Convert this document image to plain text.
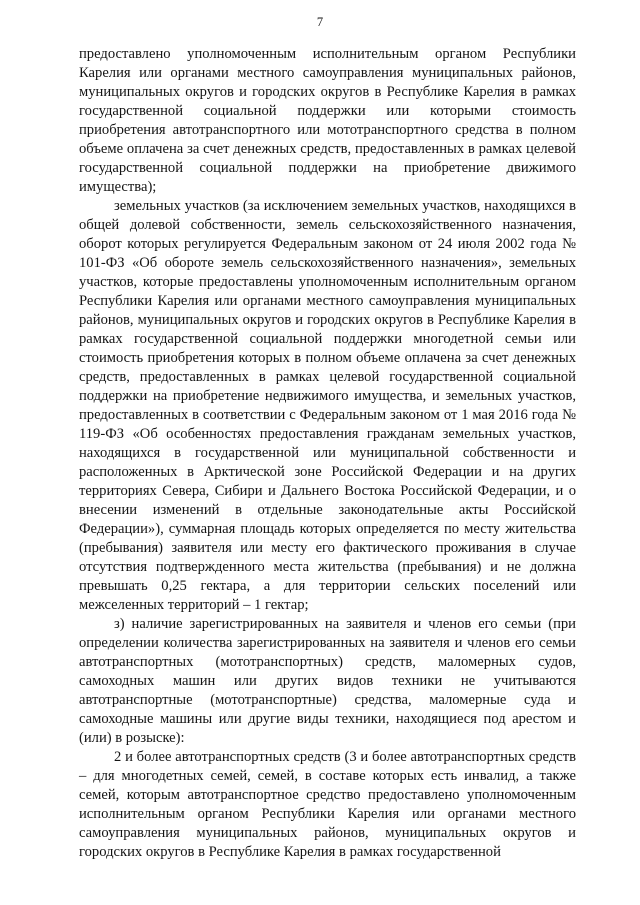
7

предоставлено уполномоченным исполнительным органом Республики Карелия или органами местного самоуправления муниципальных районов, муниципальных округов и городских округов в Республике Карелия в рамках государственной социальной поддержки или которыми стоимость приобретения автотранспортного или мототранспортного средства в полном объеме оплачена за счет денежных средств, предоставленных в рамках целевой государственной социальной поддержки на приобретение движимого имущества);

земельных участков (за исключением земельных участков, находящихся в общей долевой собственности, земель сельскохозяйственного назначения, оборот которых регулируется Федеральным законом от 24 июля 2002 года № 101-ФЗ «Об обороте земель сельскохозяйственного назначения», земельных участков, которые предоставлены уполномоченным исполнительным органом Республики Карелия или органами местного самоуправления муниципальных районов, муниципальных округов и городских округов в Республике Карелия в рамках государственной социальной поддержки многодетной семьи или стоимость приобретения которых в полном объеме оплачена за счет денежных средств, предоставленных в рамках целевой государственной социальной поддержки на приобретение недвижимого имущества, и земельных участков, предоставленных в соответствии с Федеральным законом от 1 мая 2016 года № 119-ФЗ «Об особенностях предоставления гражданам земельных участков, находящихся в государственной или муниципальной собственности и расположенных в Арктической зоне Российской Федерации и на других территориях Севера, Сибири и Дальнего Востока Российской Федерации, и о внесении изменений в отдельные законодательные акты Российской Федерации»), суммарная площадь которых определяется по месту жительства (пребывания) заявителя или месту его фактического проживания в случае отсутствия подтвержденного места жительства (пребывания) и не должна превышать 0,25 гектара, а для территории сельских поселений или межселенных территорий – 1 гектар;

з) наличие зарегистрированных на заявителя и членов его семьи (при определении количества зарегистрированных на заявителя и членов его семьи автотранспортных (мототранспортных) средств, маломерных судов, самоходных машин или других видов техники не учитываются автотранспортные (мототранспортные) средства, маломерные суда и самоходные машины или другие виды техники, находящиеся под арестом и (или) в розыске):

2 и более автотранспортных средств (3 и более автотранспортных средств – для многодетных семей, семей, в составе которых есть инвалид, а также семей, которым автотранспортное средство предоставлено уполномоченным исполнительным органом Республики Карелия или органами местного самоуправления муниципальных районов, муниципальных округов и городских округов в Республике Карелия в рамках государственной
